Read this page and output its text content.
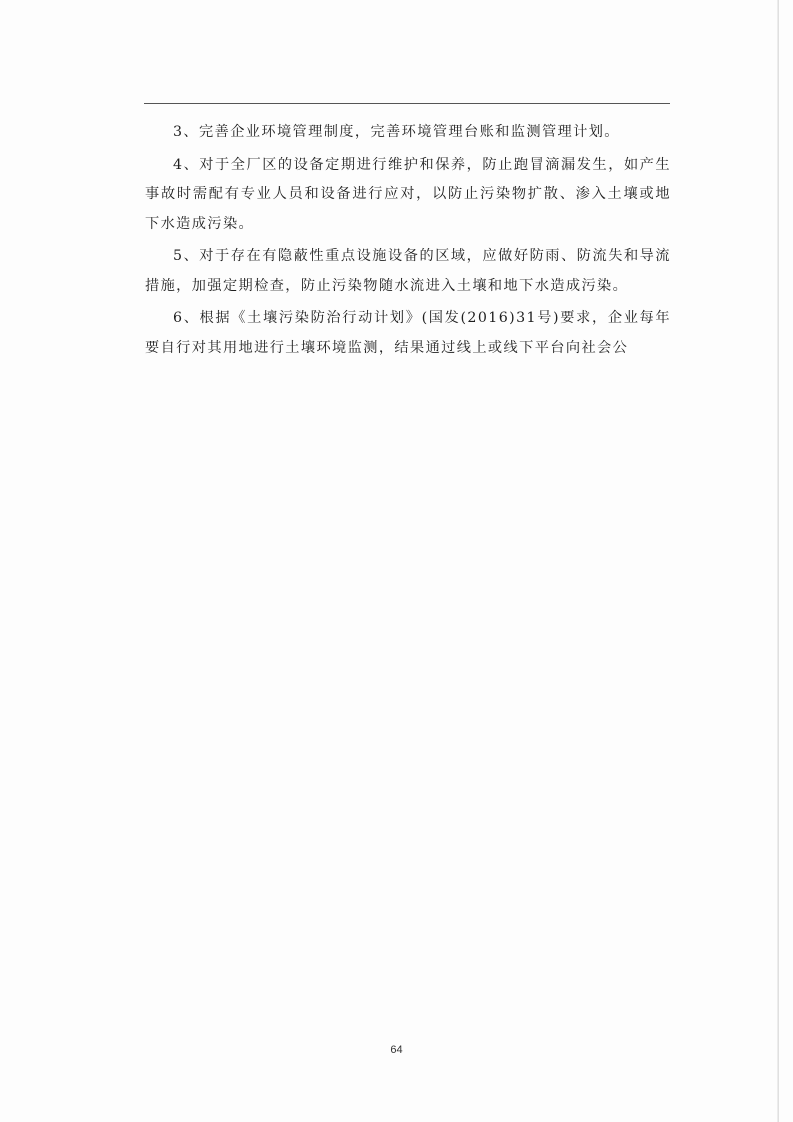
3、完善企业环境管理制度，完善环境管理台账和监测管理计划。

4、对于全厂区的设备定期进行维护和保养，防止跑冒滴漏发生，如产生事故时需配有专业人员和设备进行应对，以防止污染物扩散、渗入土壤或地下水造成污染。

5、对于存在有隐蔽性重点设施设备的区域，应做好防雨、防流失和导流措施，加强定期检查，防止污染物随水流进入土壤和地下水造成污染。

6、根据《土壤污染防治行动计划》(国发(2016)31号)要求，企业每年要自行对其用地进行土壤环境监测，结果通过线上或线下平台向社会公

64
